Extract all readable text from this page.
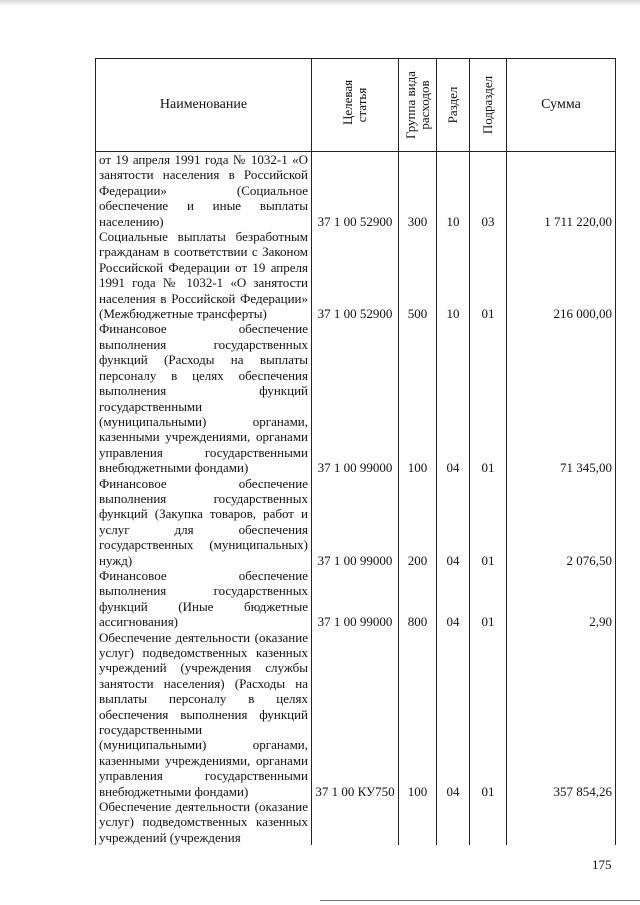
Наименование	Целевая статья	Группа вида расходов	Раздел	Подраздел	Сумма
от 19 апреля 1991 года № 1032-1 «О занятости населения в Российской Федерации» (Социальное обеспечение и иные выплаты населению)	37 1 00 52900	300	10	03	1 711 220,00
Социальные выплаты безработным гражданам в соответствии с Законом Российской Федерации от 19 апреля 1991 года № 1032-1 «О занятости населения в Российской Федерации» (Межбюджетные трансферты)	37 1 00 52900	500	10	01	216 000,00
Финансовое обеспечение выполнения государственных функций (Расходы на выплаты персоналу в целях обеспечения выполнения функций государственными (муниципальными) органами, казенными учреждениями, органами управления государственными внебюджетными фондами)	37 1 00 99000	100	04	01	71 345,00
Финансовое обеспечение выполнения государственных функций (Закупка товаров, работ и услуг для обеспечения государственных (муниципальных) нужд)	37 1 00 99000	200	04	01	2 076,50
Финансовое обеспечение выполнения государственных функций (Иные бюджетные ассигнования)	37 1 00 99000	800	04	01	2,90
Обеспечение деятельности (оказание услуг) подведомственных казенных учреждений (учреждения службы занятости населения) (Расходы на выплаты персоналу в целях обеспечения выполнения функций государственными (муниципальными) органами, казенными учреждениями, органами управления государственными внебюджетными фондами)	37 1 00 КУ750	100	04	01	357 854,26
Обеспечение деятельности (оказание услуг) подведомственных казенных учреждений (учреждения					
175
